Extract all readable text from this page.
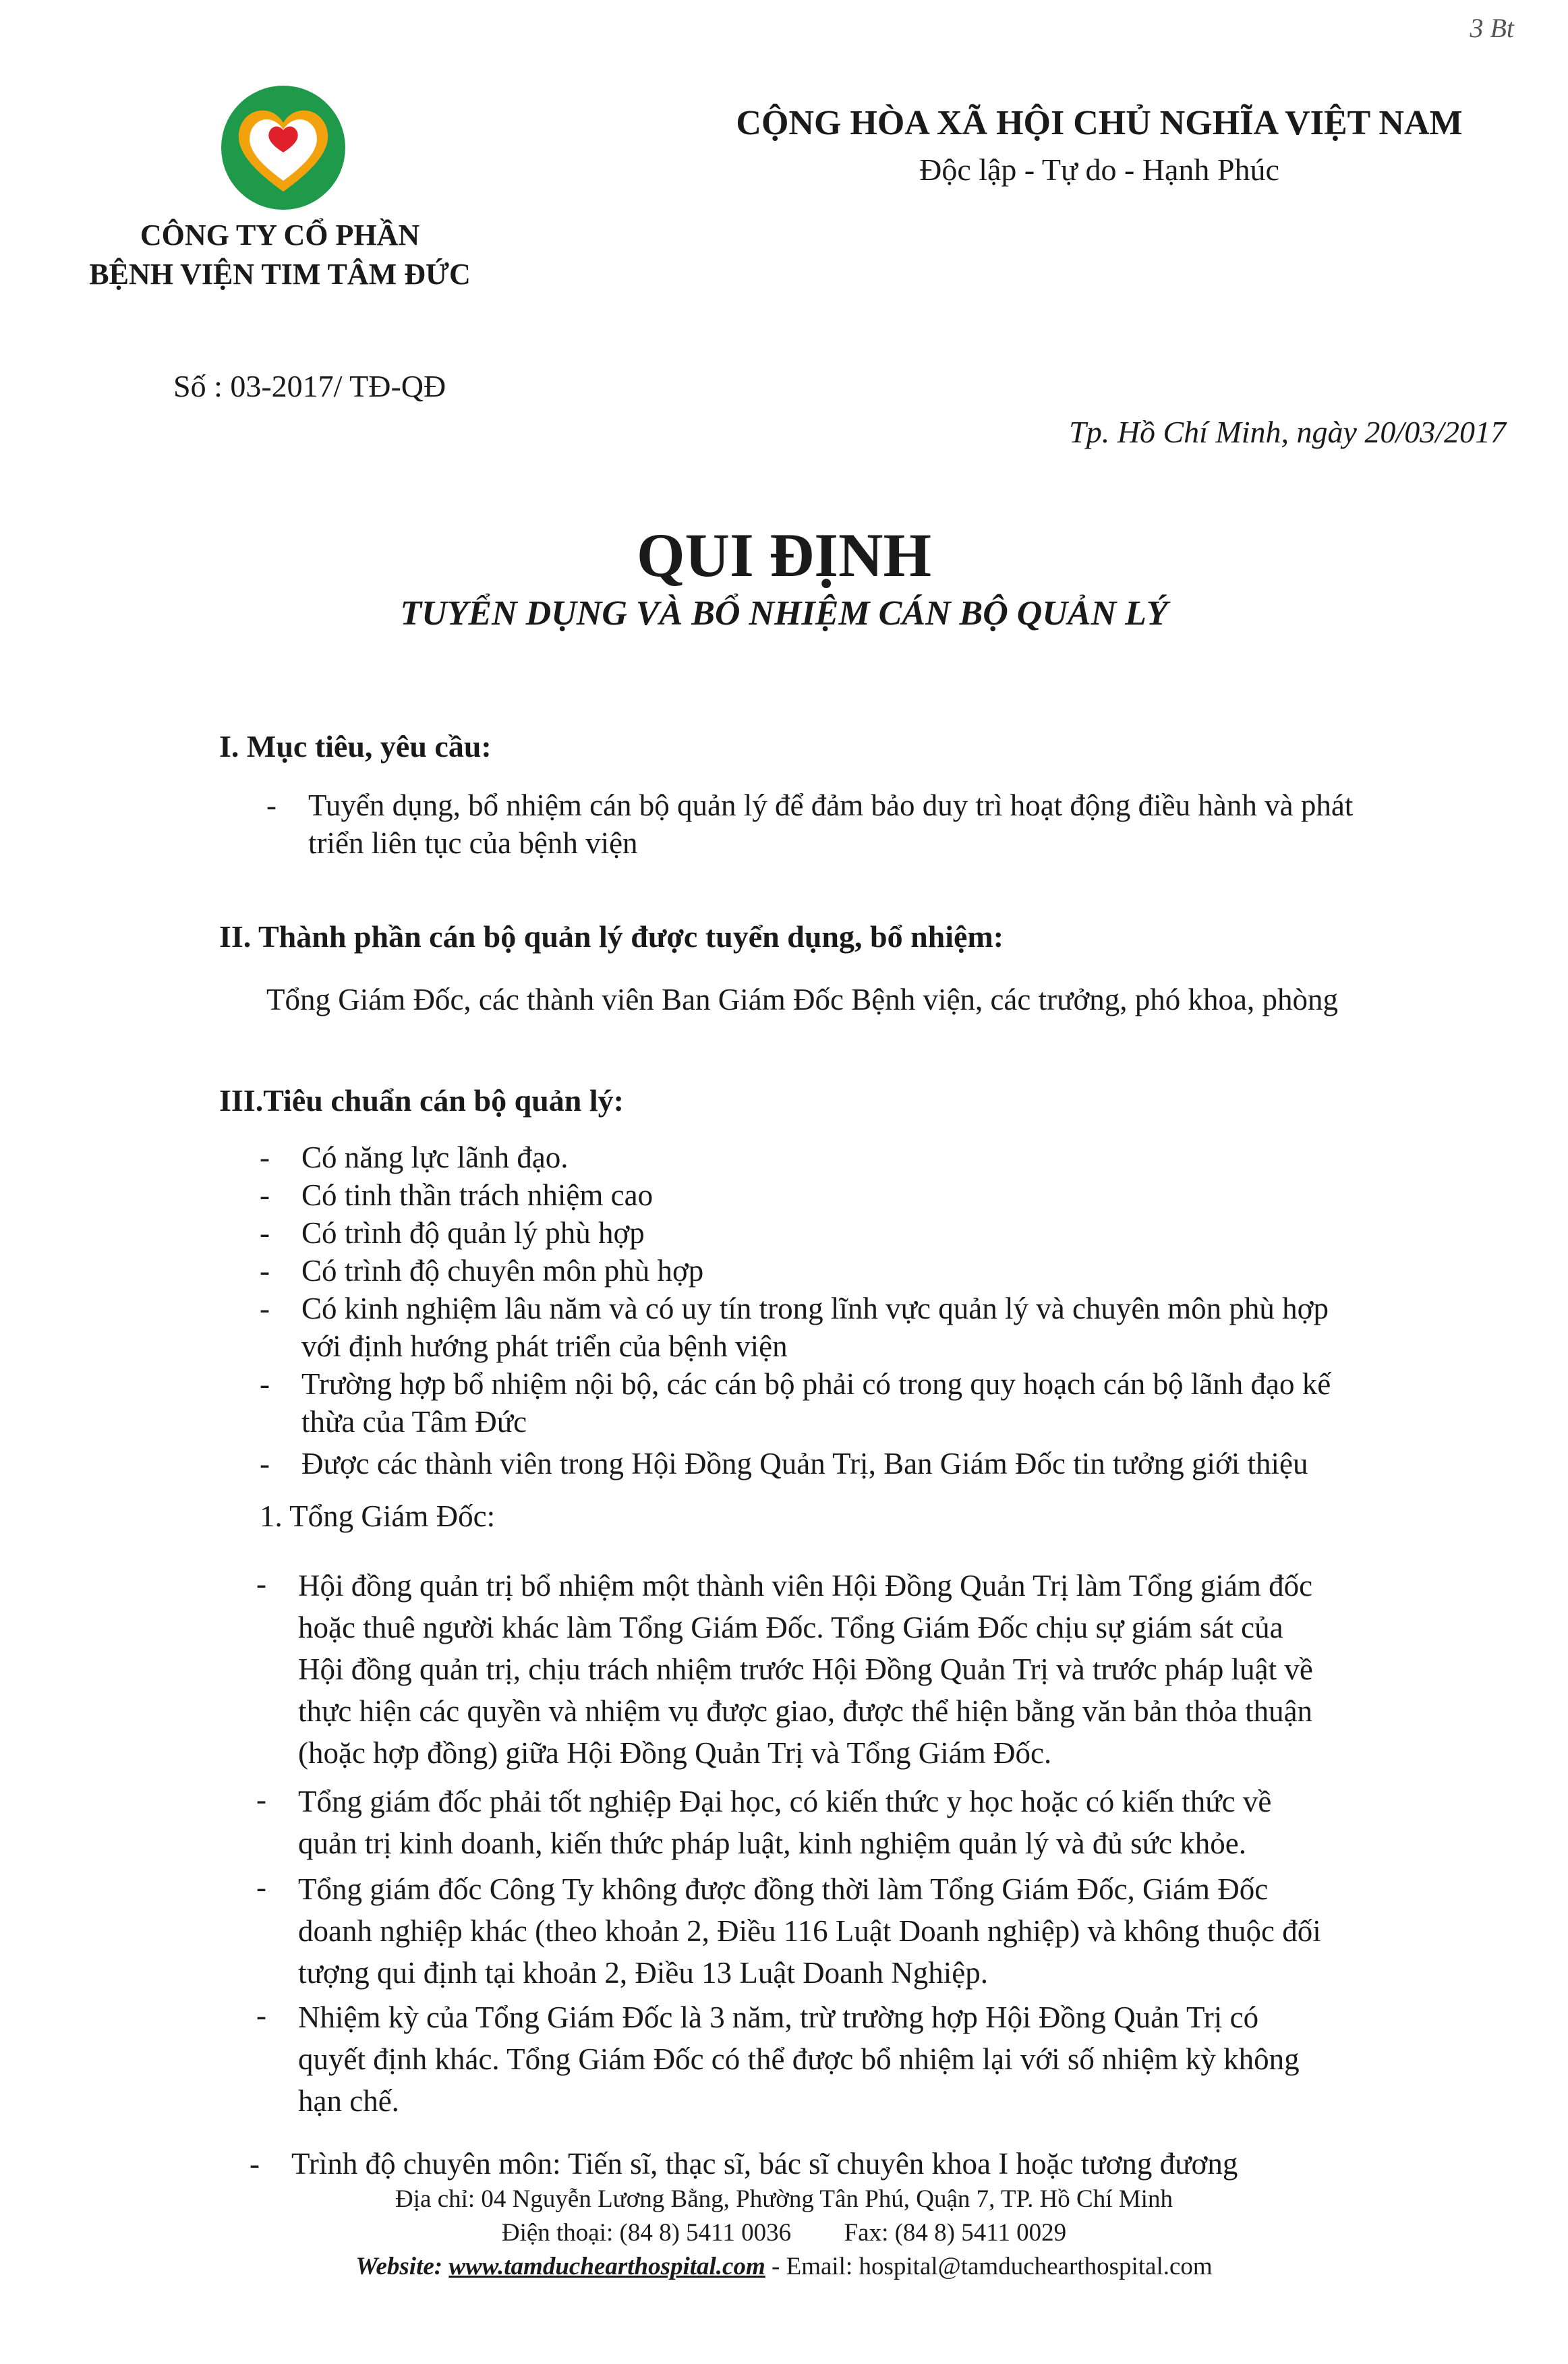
3 Bt
CÔNG TY CỔ PHẦN
BỆNH VIỆN TIM TÂM ĐỨC
CỘNG HÒA XÃ HỘI CHỦ NGHĨA VIỆT NAM
Độc lập - Tự do - Hạnh Phúc
Số : 03-2017/ TĐ-QĐ
Tp. Hồ Chí Minh, ngày 20/03/2017
QUI ĐỊNH
TUYỂN DỤNG VÀ BỔ NHIỆM CÁN BỘ QUẢN LÝ
I. Mục tiêu, yêu cầu:
- Tuyển dụng, bổ nhiệm cán bộ quản lý để đảm bảo duy trì hoạt động điều hành và phát
triển liên tục của bệnh viện
II. Thành phần cán bộ quản lý được tuyển dụng, bổ nhiệm:
Tổng Giám Đốc, các thành viên Ban Giám Đốc Bệnh viện, các trưởng, phó khoa, phòng
III.Tiêu chuẩn cán bộ quản lý:
- Có năng lực lãnh đạo.
- Có tinh thần trách nhiệm cao
- Có trình độ quản lý phù hợp
- Có trình độ chuyên môn phù hợp
- Có kinh nghiệm lâu năm và có uy tín trong lĩnh vực quản lý và chuyên môn phù hợp
với định hướng phát triển của bệnh viện
- Trường hợp bổ nhiệm nội bộ, các cán bộ phải có trong quy hoạch cán bộ lãnh đạo kế
thừa của Tâm Đức
- Được các thành viên trong Hội Đồng Quản Trị, Ban Giám Đốc tin tưởng giới thiệu
1. Tổng Giám Đốc:
- Hội đồng quản trị bổ nhiệm một thành viên Hội Đồng Quản Trị làm Tổng giám đốc
hoặc thuê người khác làm Tổng Giám Đốc. Tổng Giám Đốc chịu sự giám sát của
Hội đồng quản trị, chịu trách nhiệm trước Hội Đồng Quản Trị và trước pháp luật về
thực hiện các quyền và nhiệm vụ được giao, được thể hiện bằng văn bản thỏa thuận
(hoặc hợp đồng) giữa Hội Đồng Quản Trị và Tổng Giám Đốc.
- Tổng giám đốc phải tốt nghiệp Đại học, có kiến thức y học hoặc có kiến thức về
quản trị kinh doanh, kiến thức pháp luật, kinh nghiệm quản lý và đủ sức khỏe.
- Tổng giám đốc Công Ty không được đồng thời làm Tổng Giám Đốc, Giám Đốc
doanh nghiệp khác (theo khoản 2, Điều 116 Luật Doanh nghiệp) và không thuộc đối
tượng qui định tại khoản 2, Điều 13 Luật Doanh Nghiệp.
- Nhiệm kỳ của Tổng Giám Đốc là 3 năm, trừ trường hợp Hội Đồng Quản Trị có
quyết định khác. Tổng Giám Đốc có thể được bổ nhiệm lại với số nhiệm kỳ không
hạn chế.
- Trình độ chuyên môn: Tiến sĩ, thạc sĩ, bác sĩ chuyên khoa I hoặc tương đương
Địa chỉ: 04 Nguyễn Lương Bằng, Phường Tân Phú, Quận 7, TP. Hồ Chí Minh
Điện thoại: (84 8) 5411 0036 Fax: (84 8) 5411 0029
Website: www.tamduchearthospital.com - Email: hospital@tamduchearthospital.com
